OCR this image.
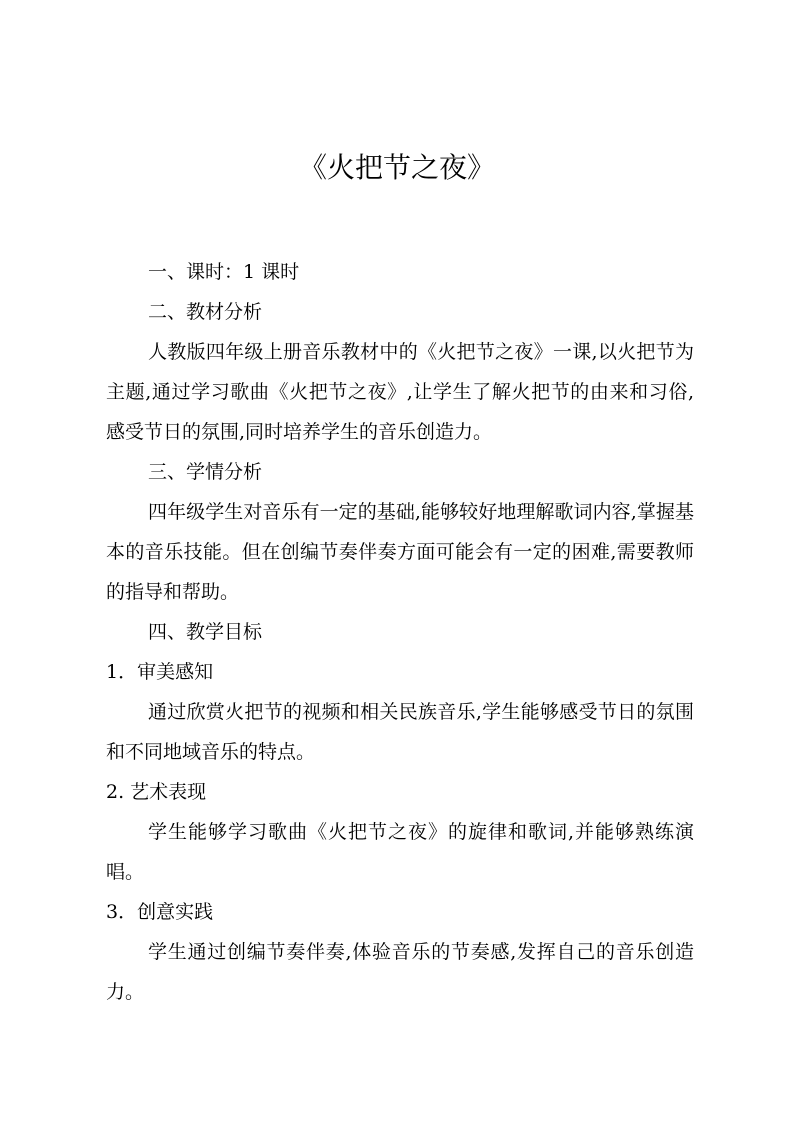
《火把节之夜》
一、课时：1 课时
二、教材分析
人教版四年级上册音乐教材中的《火把节之夜》一课,以火把节为主题,通过学习歌曲《火把节之夜》,让学生了解火把节的由来和习俗,感受节日的氛围,同时培养学生的音乐创造力。
三、学情分析
四年级学生对音乐有一定的基础,能够较好地理解歌词内容,掌握基本的音乐技能。但在创编节奏伴奏方面可能会有一定的困难,需要教师的指导和帮助。
四、教学目标
1．审美感知
通过欣赏火把节的视频和相关民族音乐,学生能够感受节日的氛围和不同地域音乐的特点。
2. 艺术表现
学生能够学习歌曲《火把节之夜》的旋律和歌词,并能够熟练演唱。
3．创意实践
学生通过创编节奏伴奏,体验音乐的节奏感,发挥自己的音乐创造力。
